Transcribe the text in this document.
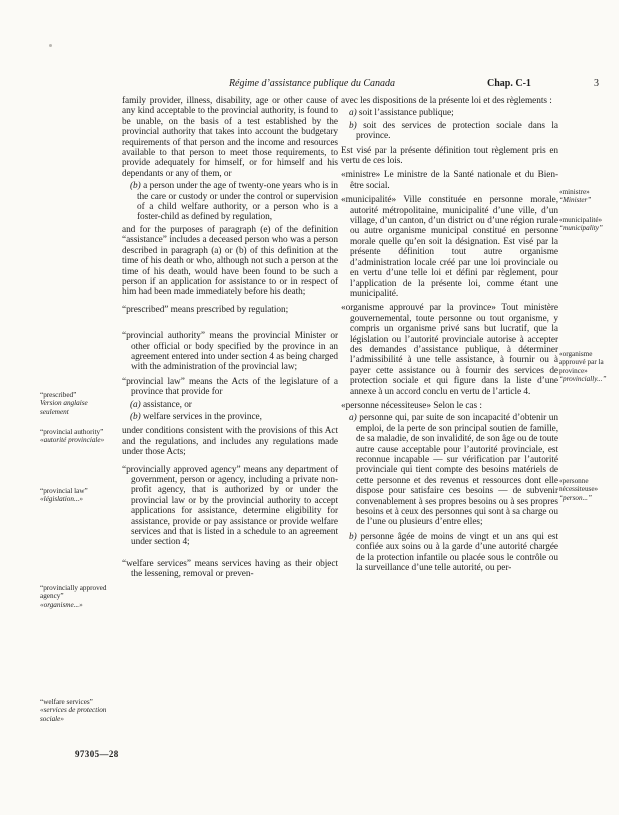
Régime d’assistance publique du Canada	Chap. C-1	3

family provider, illness, disability, age or other cause of any kind acceptable to the provincial authority, is found to be unable, on the basis of a test established by the provincial authority that takes into account the budgetary requirements of that person and the income and resources available to that person to meet those requirements, to provide adequately for himself, or for himself and his dependants or any of them, or

(b) a person under the age of twenty-one years who is in the care or custody or under the control or supervision of a child welfare authority, or a person who is a foster-child as defined by regulation,

and for the purposes of paragraph (e) of the definition “assistance” includes a deceased person who was a person described in paragraph (a) or (b) of this definition at the time of his death or who, although not such a person at the time of his death, would have been found to be such a person if an application for assistance to or in respect of him had been made immediately before his death;

“prescribed” means prescribed by regulation;

“provincial authority” means the provincial Minister or other official or body specified by the province in an agreement entered into under section 4 as being charged with the administration of the provincial law;

“provincial law” means the Acts of the legislature of a province that provide for

(a) assistance, or

(b) welfare services in the province,

under conditions consistent with the provisions of this Act and the regulations, and includes any regulations made under those Acts;

“provincially approved agency” means any department of government, person or agency, including a private non-profit agency, that is authorized by or under the provincial law or by the provincial authority to accept applications for assistance, determine eligibility for assistance, provide or pay assistance or provide welfare services and that is listed in a schedule to an agreement under section 4;

“welfare services” means services having as their object the lessening, removal or preven-

avec les dispositions de la présente loi et des règlements :

a) soit l’assistance publique;

b) soit des services de protection sociale dans la province.

Est visé par la présente définition tout règlement pris en vertu de ces lois.

«ministre» Le ministre de la Santé nationale et du Bien-être social.

«municipalité» Ville constituée en personne morale, autorité métropolitaine, municipalité d’une ville, d’un village, d’un canton, d’un district ou d’une région rurale ou autre organisme municipal constitué en personne morale quelle qu’en soit la désignation. Est visé par la présente définition tout autre organisme d’administration locale créé par une loi provinciale ou en vertu d’une telle loi et défini par règlement, pour l’application de la présente loi, comme étant une municipalité.

«organisme approuvé par la province» Tout ministère gouvernemental, toute personne ou tout organisme, y compris un organisme privé sans but lucratif, que la législation ou l’autorité provinciale autorise à accepter des demandes d’assistance publique, à déterminer l’admissibilité à une telle assistance, à fournir ou à payer cette assistance ou à fournir des services de protection sociale et qui figure dans la liste d’une annexe à un accord conclu en vertu de l’article 4.

«personne nécessiteuse» Selon le cas :

a) personne qui, par suite de son incapacité d’obtenir un emploi, de la perte de son principal soutien de famille, de sa maladie, de son invalidité, de son âge ou de toute autre cause acceptable pour l’autorité provinciale, est reconnue incapable — sur vérification par l’autorité provinciale qui tient compte des besoins matériels de cette personne et des revenus et ressources dont elle dispose pour satisfaire ces besoins — de subvenir convenablement à ses propres besoins ou à ses propres besoins et à ceux des personnes qui sont à sa charge ou de l’une ou plusieurs d’entre elles;

b) personne âgée de moins de vingt et un ans qui est confiée aux soins ou à la garde d’une autorité chargée de la protection infantile ou placée sous le contrôle ou la surveillance d’une telle autorité, ou per-

“prescribed”
Version anglaise seulement
“provincial authority”
«autorité provinciale»
“provincial law”
«législation...»
“provincially approved agency”
«organisme...»
“welfare services”
«services de protection sociale»
«ministre»
“Minister”
«municipalité»
“municipality”
«organisme approuvé par la province»
“provincially...”
«personne nécessiteuse»
“person...”
97305—28
